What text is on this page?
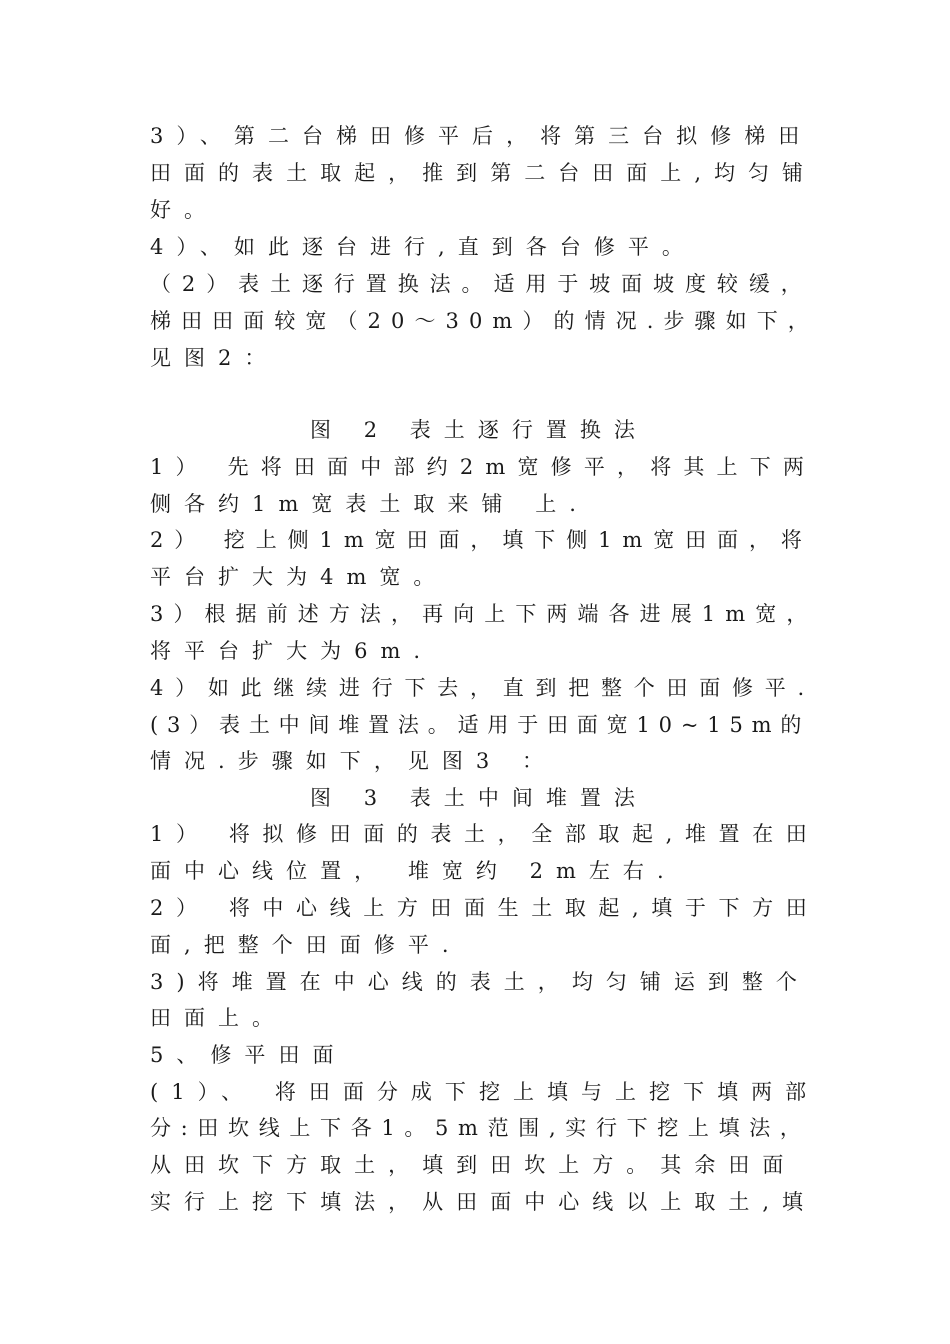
3）、第二台梯田修平后，将第三台拟修梯田
田面的表土取起，推到第二台田面上,均匀铺
好。
4）、如此逐台进行,直到各台修平。
（2）表土逐行置换法。适用于坡面坡度较缓，
梯田田面较宽（20～30m）的情况.步骤如下，
见图2：
图 2 表土逐行置换法
1） 先将田面中部约2m宽修平，将其上下两
侧各约1m宽表土取来铺 上.
2） 挖上侧1m宽田面，填下侧1m宽田面，将
平台扩大为4m宽。
3）根据前述方法，再向上下两端各进展1m宽，
将平台扩大为6m.
4）如此继续进行下去，直到把整个田面修平.
(3）表土中间堆置法。适用于田面宽10~15m的
情况.步骤如下，见图3 ：
图 3 表土中间堆置法
1） 将拟修田面的表土，全部取起,堆置在田
面中心线位置， 堆宽约 2m左右.
2） 将中心线上方田面生土取起,填于下方田
面,把整个田面修平.
3)将堆置在中心线的表土，均匀铺运到整个
田面上。
5、修平田面
(1）、 将田面分成下挖上填与上挖下填两部
分:田坎线上下各1。5m范围,实行下挖上填法，
从田坎下方取土，填到田坎上方。其余田面
实行上挖下填法，从田面中心线以上取土,填
